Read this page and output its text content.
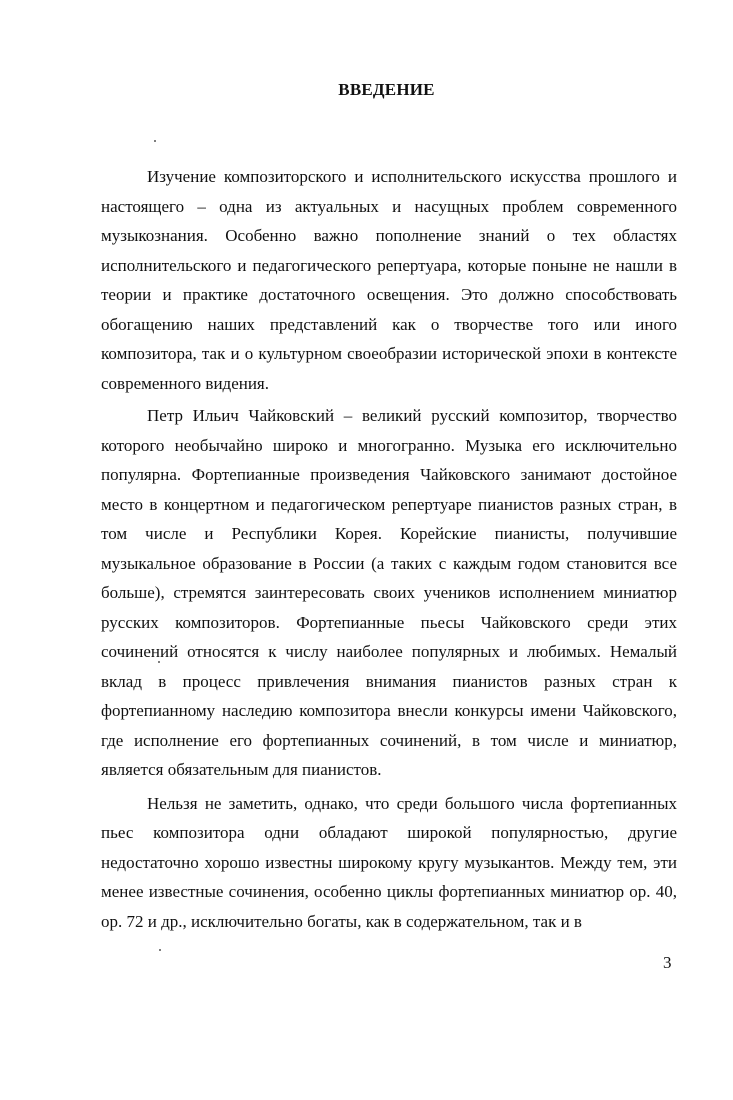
ВВЕДЕНИЕ

Изучение композиторского и исполнительского искусства прошлого и настоящего – одна из актуальных и насущных проблем современного музыкознания. Особенно важно пополнение знаний о тех областях исполнительского и педагогического репертуара, которые поныне не нашли в теории и практике достаточного освещения. Это должно способствовать обогащению наших представлений как о творчестве того или иного композитора, так и о культурном своеобразии исторической эпохи в контексте современного видения.

Петр Ильич Чайковский – великий русский композитор, творчество которого необычайно широко и многогранно. Музыка его исключительно популярна. Фортепианные произведения Чайковского занимают достойное место в концертном и педагогическом репертуаре пианистов разных стран, в том числе и Республики Корея. Корейские пианисты, получившие музыкальное образование в России (а таких с каждым годом становится все больше), стремятся заинтересовать своих учеников исполнением миниатюр русских композиторов. Фортепианные пьесы Чайковского среди этих сочинений относятся к числу наиболее популярных и любимых. Немалый вклад в процесс привлечения внимания пианистов разных стран к фортепианному наследию композитора внесли конкурсы имени Чайковского, где исполнение его фортепианных сочинений, в том числе и миниатюр, является обязательным для пианистов.

Нельзя не заметить, однако, что среди большого числа фортепианных пьес композитора одни обладают широкой популярностью, другие недостаточно хорошо известны широкому кругу музыкантов. Между тем, эти менее известные сочинения, особенно циклы фортепианных миниатюр ор. 40, ор. 72 и др., исключительно богаты, как в содержательном, так и в

3
